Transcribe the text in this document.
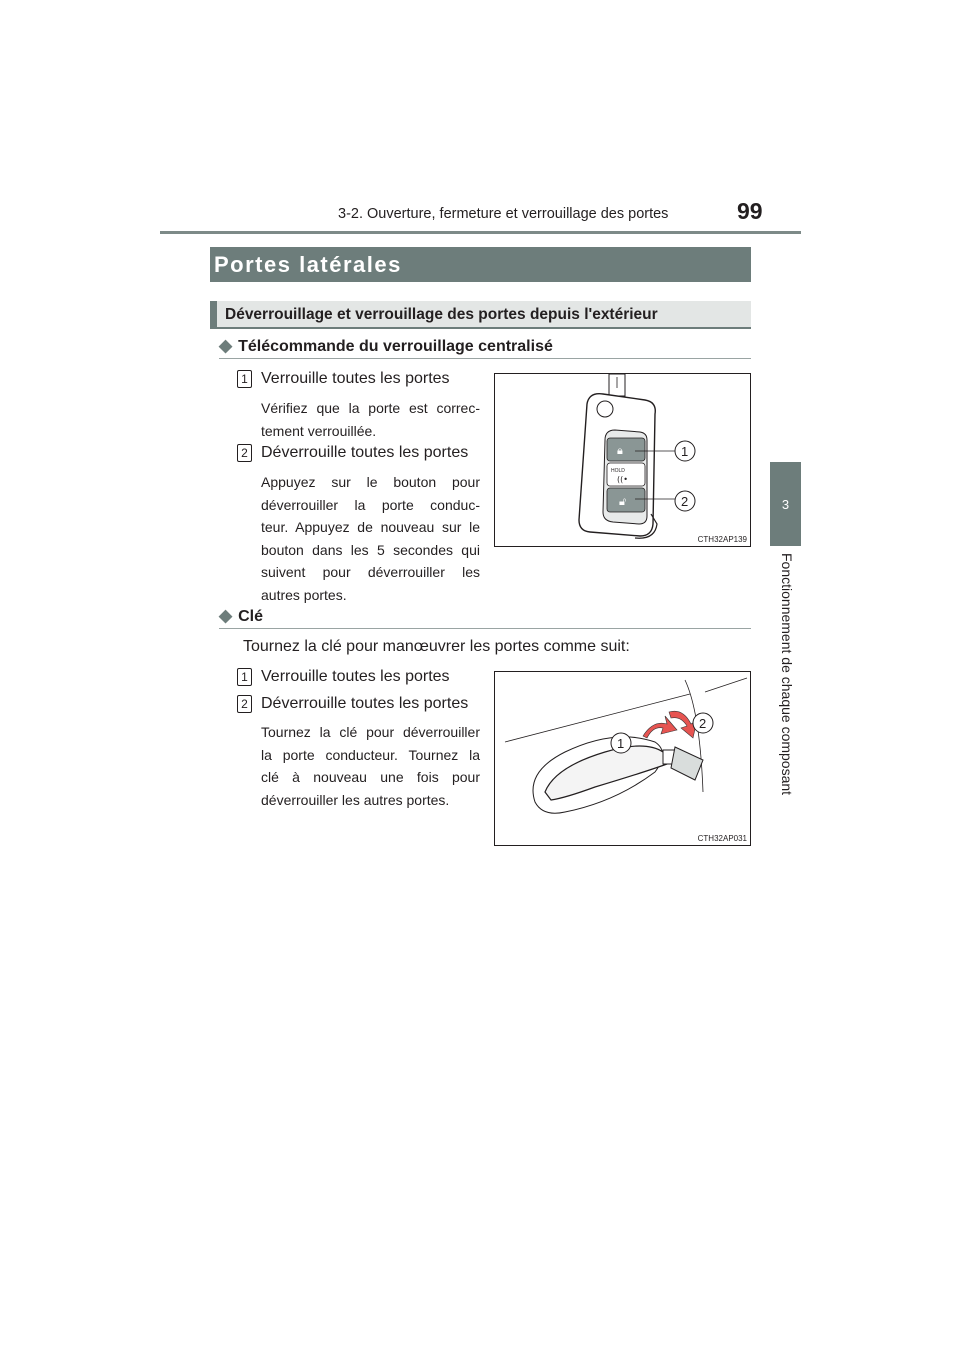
3-2. Ouverture, fermeture et verrouillage des portes	99
3
Fonctionnement de chaque composant
Portes latérales
Déverrouillage et verrouillage des portes depuis l'extérieur
◆ Télécommande du verrouillage centralisé
1 Verrouille toutes les portes
Vérifiez que la porte est correc-
tement verrouillée.
2 Déverrouille toutes les portes
Appuyez sur le bouton pour
déverrouiller la porte conduc-
teur. Appuyez de nouveau sur le
bouton dans les 5 secondes qui
suivent pour déverrouiller les
autres portes.
🔒︎
HOLD
((•
🔓︎
1
2
CTH32AP139
◆ Clé
Tournez la clé pour manœuvrer les portes comme suit:
1 Verrouille toutes les portes
2 Déverrouille toutes les portes
Tournez la clé pour déverrouiller
la porte conducteur. Tournez la
clé à nouveau une fois pour
déverrouiller les autres portes.
1
2
CTH32AP031
